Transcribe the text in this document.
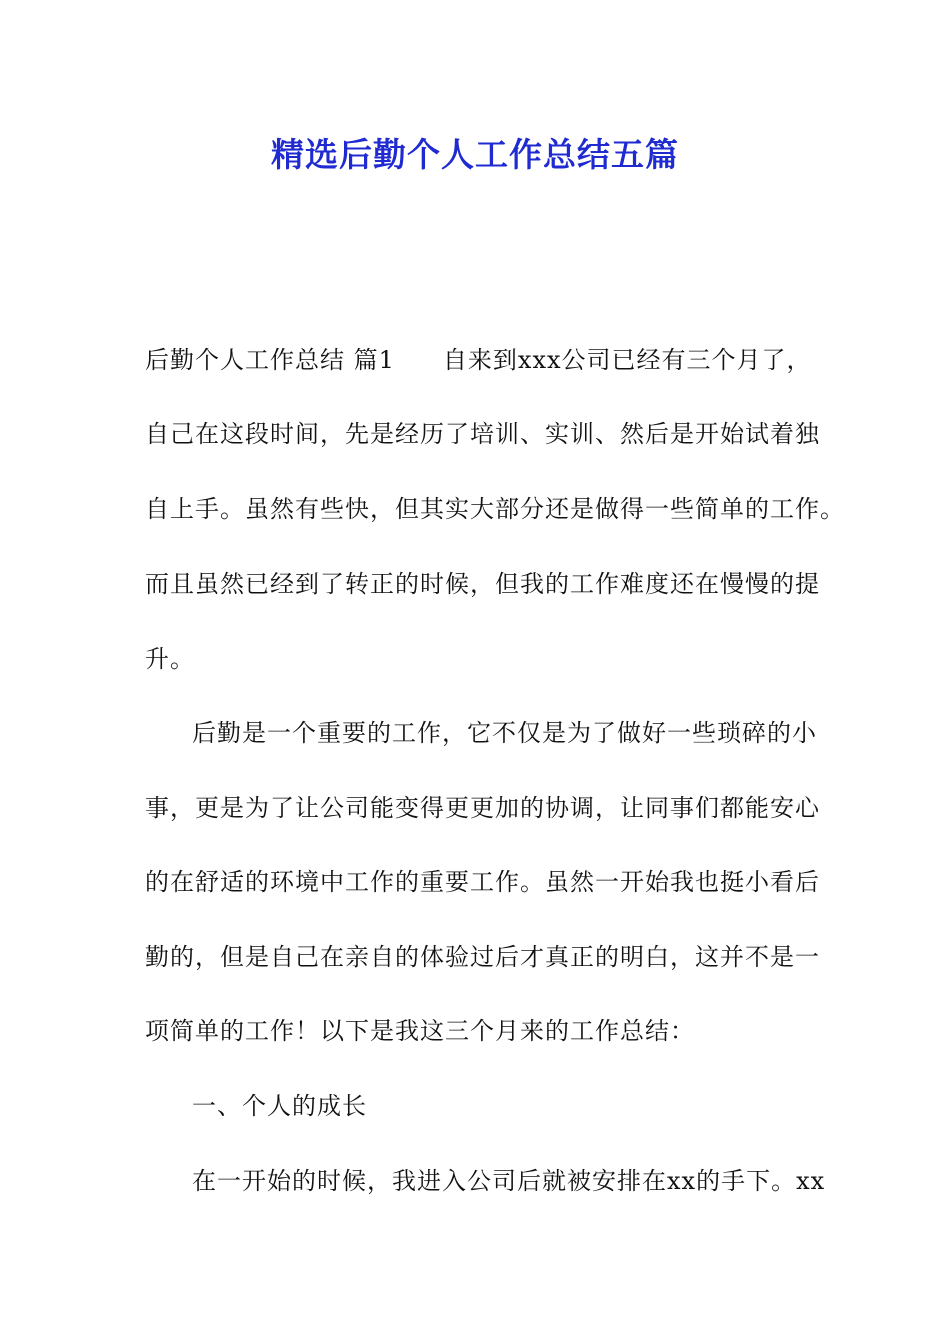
精选后勤个人工作总结五篇
后勤个人工作总结 篇1 自来到xxx公司已经有三个月了，
自己在这段时间，先是经历了培训、实训、然后是开始试着独
自上手。虽然有些快，但其实大部分还是做得一些简单的工作。
而且虽然已经到了转正的时候，但我的工作难度还在慢慢的提
升。
后勤是一个重要的工作，它不仅是为了做好一些琐碎的小
事，更是为了让公司能变得更更加的协调，让同事们都能安心
的在舒适的环境中工作的重要工作。虽然一开始我也挺小看后
勤的，但是自己在亲自的体验过后才真正的明白，这并不是一
项简单的工作！以下是我这三个月来的工作总结：
一、个人的成长
在一开始的时候，我进入公司后就被安排在xx的手下。xx
